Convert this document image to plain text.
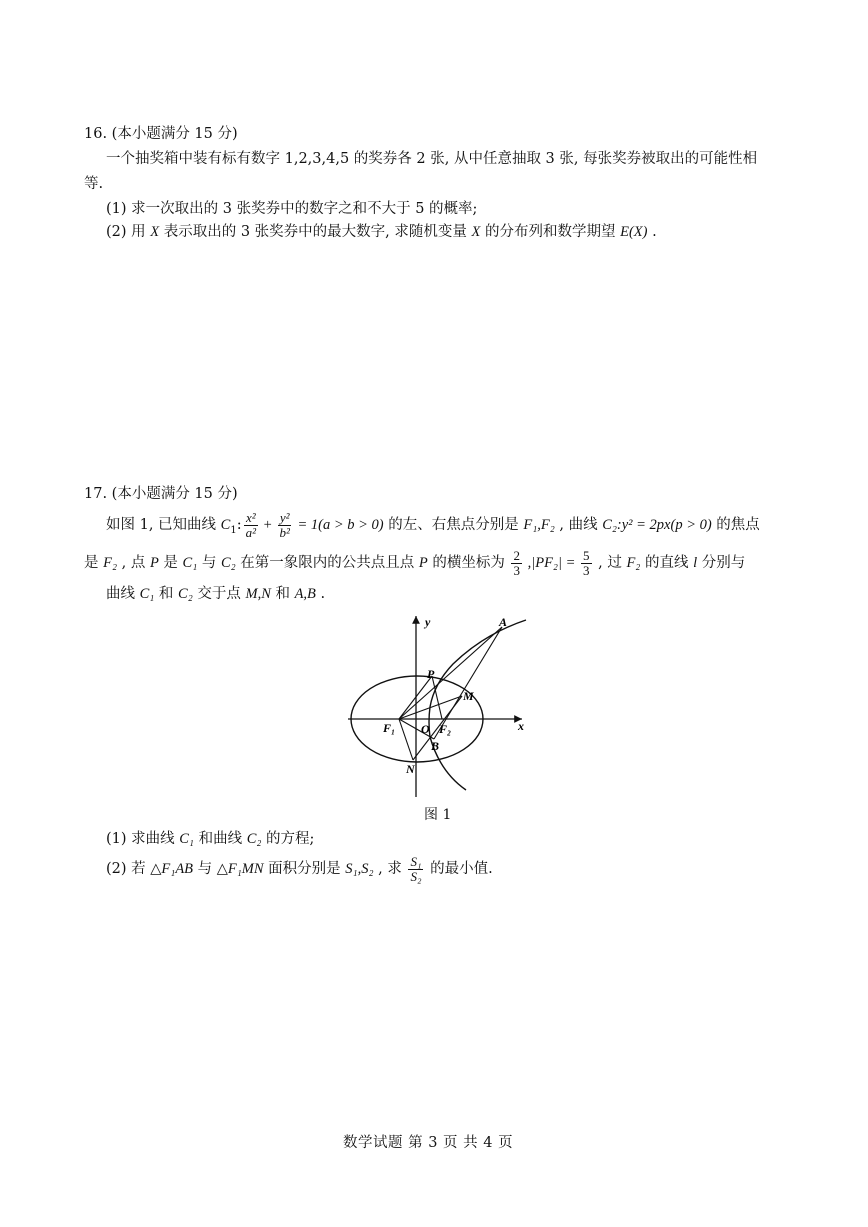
16. (本小题满分 15 分)
一个抽奖箱中装有标有数字 1,2,3,4,5 的奖券各 2 张, 从中任意抽取 3 张, 每张奖券被取出的可能性相
等.
(1) 求一次取出的 3 张奖券中的数字之和不大于 5 的概率;
(2) 用 X 表示取出的 3 张奖券中的最大数字, 求随机变量 X 的分布列和数学期望 E(X) .
17. (本小题满分 15 分)
如图 1, 已知曲线 $C_1$: $\frac{\text{x²}}{\text{a²}} + \frac{\text{y²}}{\text{b²}} = 1(a > b > 0)$ 的左、右焦点分别是 F₁,F₂ , 曲线 C₂:y² = 2px(p > 0) 的焦点
是 F₂ , 点 P 是 C₁ 与 C₂ 在第一象限内的公共点且点 P 的横坐标为 $\frac{2}{3} ,|PF_2| = \frac{5}{3}$ , 过 F₂ 的直线 l 分别与
曲线 C₁ 和 C₂ 交于点 M,N 和 A,B .
y
x
A
P
M
F₁ O F₂
B
N
图 1
(1) 求曲线 C₁ 和曲线 C₂ 的方程;
(2) 若 △F₁AB 与 △F₁MN 面积分别是 S₁,S₂ , 求 $\frac{\text{S₁}}{\text{S₂}}$ 的最小值.
数学试题 第 3 页 共 4 页
